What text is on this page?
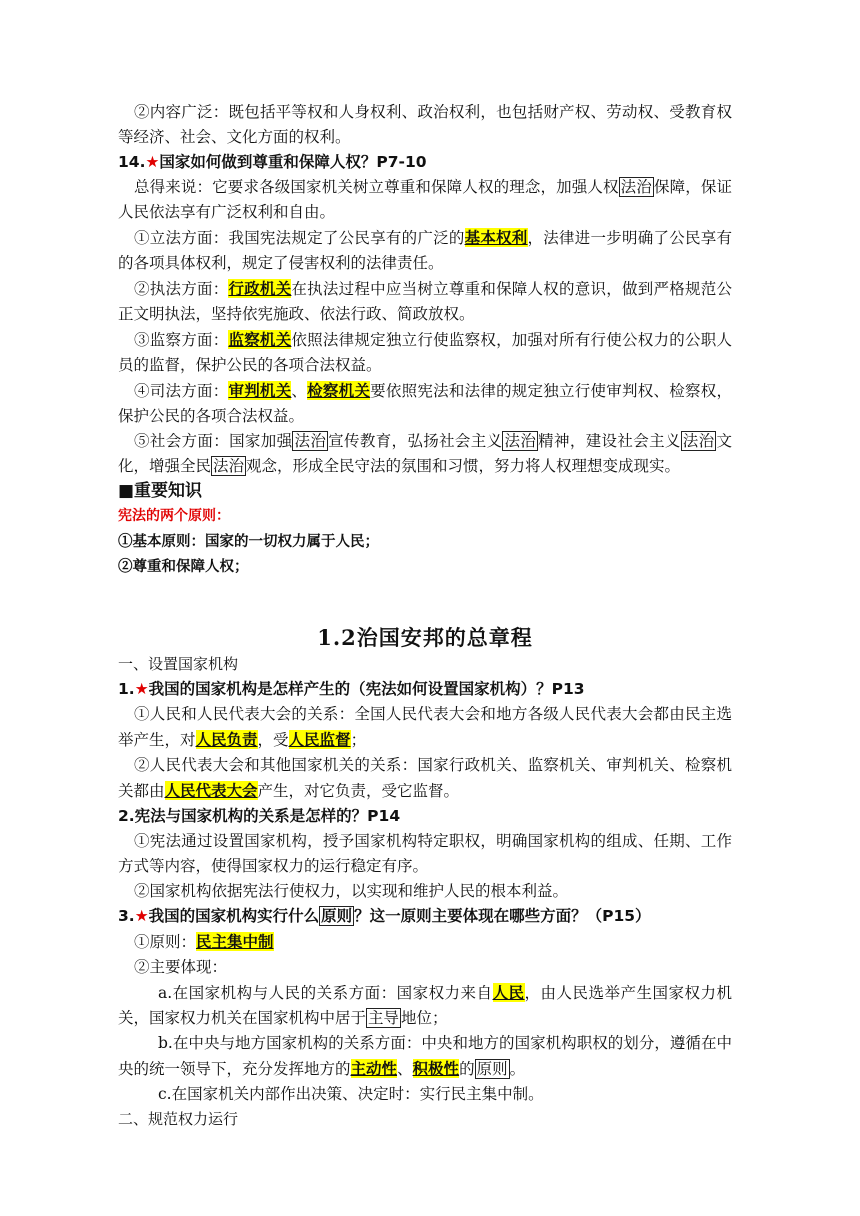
②内容广泛：既包括平等权和人身权利、政治权利，也包括财产权、劳动权、受教育权等经济、社会、文化方面的权利。

14.★国家如何做到尊重和保障人权？P7-10

总得来说：它要求各级国家机关树立尊重和保障人权的理念，加强人权 法治 保障，保证人民依法享有广泛权利和自由。

①立法方面：我国宪法规定了公民享有的广泛的基本权利，法律进一步明确了公民享有的各项具体权利，规定了侵害权利的法律责任。

②执法方面：行政机关在执法过程中应当树立尊重和保障人权的意识，做到严格规范公正文明执法，坚持依宪施政、依法行政、简政放权。

③监察方面：监察机关依照法律规定独立行使监察权，加强对所有行使公权力的公职人员的监督，保护公民的各项合法权益。

④司法方面：审判机关、检察机关要依照宪法和法律的规定独立行使审判权、检察权，保护公民的各项合法权益。

⑤社会方面：国家加强 法治 宣传教育，弘扬社会主义 法治 精神，建设社会主义 法治 文化，增强全民 法治 观念，形成全民守法的氛围和习惯，努力将人权理想变成现实。

■重要知识

宪法的两个原则：

①基本原则：国家的一切权力属于人民；

②尊重和保障人权；

1.2治国安邦的总章程

一、设置国家机构

1.★我国的国家机构是怎样产生的（宪法如何设置国家机构）？P13

①人民和人民代表大会的关系：全国人民代表大会和地方各级人民代表大会都由民主选举产生，对人民负责，受人民监督；

②人民代表大会和其他国家机关的关系：国家行政机关、监察机关、审判机关、检察机关都由人民代表大会产生，对它负责，受它监督。

2.宪法与国家机构的关系是怎样的？P14

①宪法通过设置国家机构，授予国家机构特定职权，明确国家机构的组成、任期、工作方式等内容，使得国家权力的运行稳定有序。

②国家机构依据宪法行使权力，以实现和维护人民的根本利益。

3.★我国的国家机构实行什么 原则 ？这一原则主要体现在哪些方面？（P15）

①原则：民主集中制

②主要体现：

a.在国家机构与人民的关系方面：国家权力来自人民，由人民选举产生国家权力机关，国家权力机关在国家机构中居于 主导 地位；

b.在中央与地方国家机构的关系方面：中央和地方的国家机构职权的划分，遵循在中央的统一领导下，充分发挥地方的主动性、积极性的 原则 。

c.在国家机关内部作出决策、决定时：实行民主集中制。

二、规范权力运行
